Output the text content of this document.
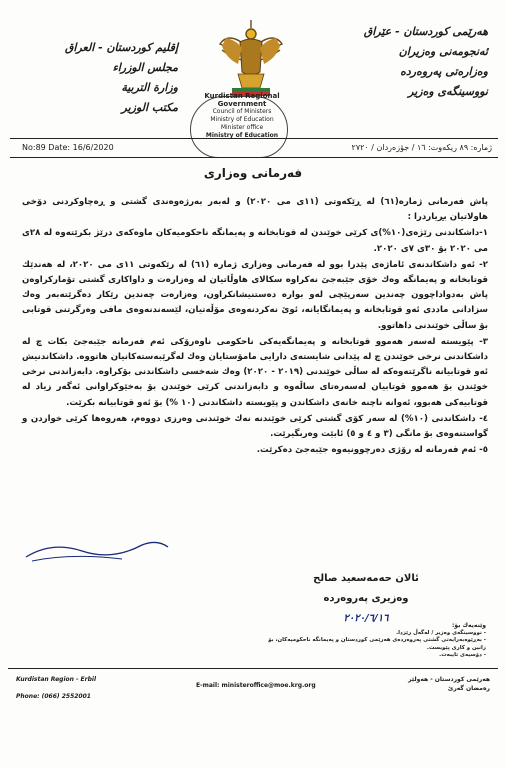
هەرێمی كوردستان - عێراق
ئەنجومەنی وەزیران
وەزارەتی پەروەردە
نووسینگەی وەزیر
إقليم كوردستان - العراق
مجلس الوزراء
وزارة التربية
مكتب الوزير
Kurdistan Regional Government
Council of Ministers
Ministry of Education
Minister office
Ministry of Education
No:89 Date: 16/6/2020	ژمارە: ٨٩ ریکەوت: ١٦ / جۆزەردان / ٢٧٢٠
فەرمانی وەزاری

پاش فەرمانی ژمارە(٦١) لە ڕێكەوتی (١١ی می ٢٠٢٠) و لەبەر بەرژەوەندی گشتی و ڕەچاوكردنی دۆخی هاولاتیان بڕیاردرا :

١-داشكاندنی رێژەی(١٠%)ی كرێی خوێندن لە قوتابخانە و پەیمانگە ناحكومیەكان ماوەكەی درێژ بكرێتەوە لە ٢٨ی می ٢٠٢٠ بۆ ٣٠ی ٧ی ٢٠٢٠.

٢- ئەو داشكاندنەی ئاماژەی پێدرا بوو لە فەرمانی وەزاری ژمارە (٦١) لە رێكەوتی ١١ی می ٢٠٢٠، لە هەندێك قوتابخانە و پەیمانگە وەك خۆی جێبەجێ نەكراوە سكالای هاوڵاتیان لە وەزارەت و داواكاری گشتی تۆماركراوەن پاش بەدواداچوون چەندین سەرپێچی لەو بوارە دەستنیشانكراون، وەزارەت چەندین رێكار دەگرێتەبەر وەك سزادانی ماددی ئەو قوتابخانە و پەیمانگایانە، ئوێ نەكردنەوەی مۆڵەتیان، لێسەندنەوەی مافی وەرگرتنی قوتابی بۆ ساڵی خوێندنی داهاتوو.

٣- پێویستە لەسەر هەموو قوتابخانە و پەیمانگەیەكی ناحكومی ناوەرۆكی ئەم فەرمانە جێبەجێ بكات چ لە داشكاندنی نرخی خوێندن چ لە پێدانی شایستەی دارایی مامۆستایان وەك لەگرێبەستەكانیان هاتووە. داشكاندنیش ئەو قوتابیانە ناگرێتەوەكە لە ساڵی خوێندنی (٢٠١٩ - ٢٠٢٠) وەك شەخسی داشكاندنی بۆكراوە. دابەزاندنی نرخی خوێندن بۆ هەموو قوتابیان لەسەرەتای ساڵەوە و دابەزاندنی كرێی خوێندن بۆ بەخێوكراوانی ئەگەر زیاد لە قوتابیەكی هەبوو، ئەوانە ناچنە خانەی داشكاندن و پێویستە داشكاندنی (١٠ %) بۆ ئەو قوتابیانە بكرێت.

٤- داشكاندنی (١٠%) لە سەر كۆی گشتی كرێی خوێندنە نەك خوێندنی وەرزی دووەم، هەروەها كرێی خواردن و گواستنەوەی بۆ مانگی (٣ و ٤ و ٥) ئابێت وەربگیرێت.

٥- ئەم فەرمانە لە رۆژی دەرچوونیەوە جێبەجێ دەكرێت.

ئالان حەمەسعید صالح
وەزیری پەروەردە
٢٠٢٠/٦/١٦
وێنەیەك بۆ:
- نووسینگەی وەزیر / لەگەڵ رێزدا.
- بەڕێوەبەرایەتی گشتی پەروەردەی هەرێمی كوردستان و پەیمانگە ناحكومیەكان، بۆ زانین و كاری پێویست.
- دۆسیەی تایبەت.
Kurdistan Region - Erbil
Phone: (066) 2552001
E-mail: ministeroffice@moe.krg.org
هەرێمی كوردستان - هەولێر
رەمضان گەرێ
